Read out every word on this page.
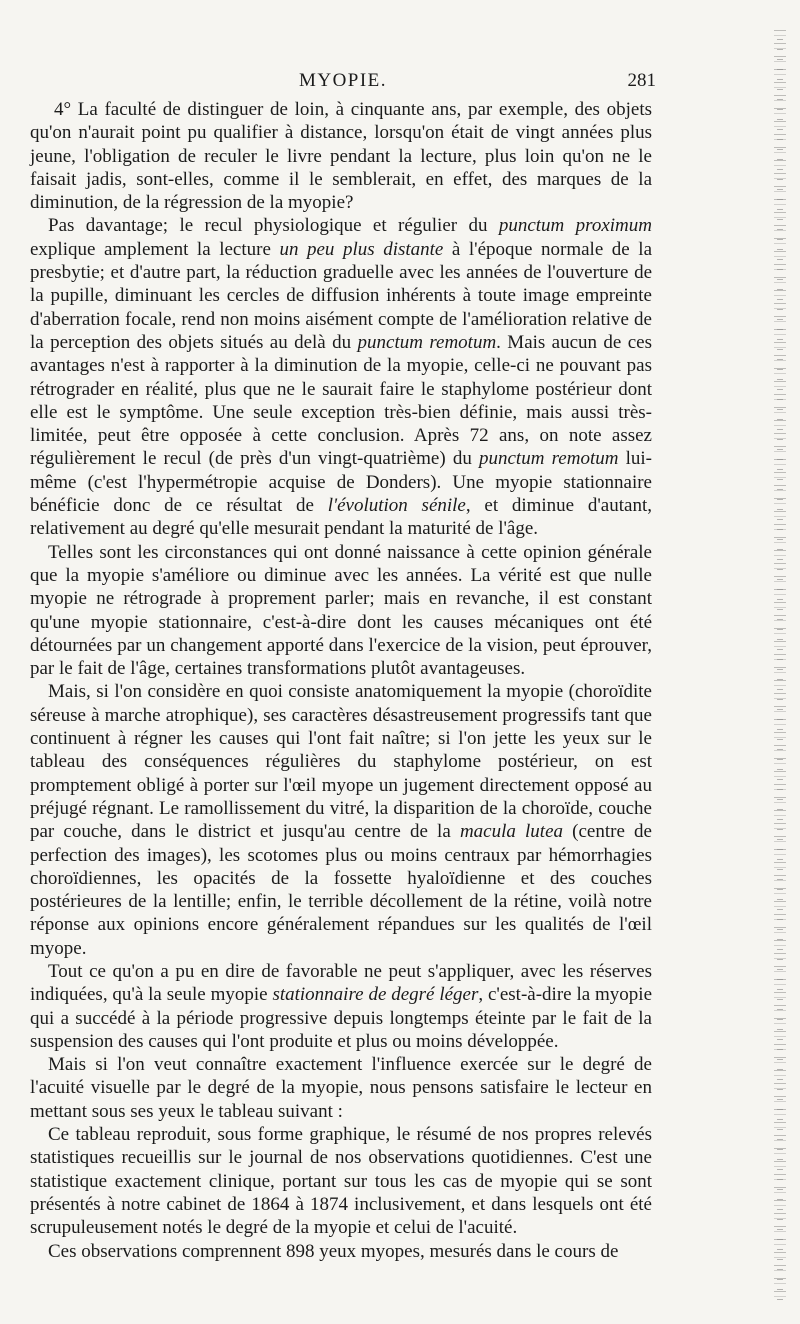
MYOPIE.	281

4° La faculté de distinguer de loin, à cinquante ans, par exemple, des objets qu'on n'aurait point pu qualifier à distance, lorsqu'on était de vingt années plus jeune, l'obligation de reculer le livre pendant la lecture, plus loin qu'on ne le faisait jadis, sont-elles, comme il le semblerait, en effet, des marques de la diminution, de la régression de la myopie?

Pas davantage; le recul physiologique et régulier du punctum proximum explique amplement la lecture un peu plus distante à l'époque normale de la presbytie; et d'autre part, la réduction graduelle avec les années de l'ouverture de la pupille, diminuant les cercles de diffusion inhérents à toute image empreinte d'aberration focale, rend non moins aisément compte de l'amélioration relative de la perception des objets situés au delà du punctum remotum. Mais aucun de ces avantages n'est à rapporter à la diminution de la myopie, celle-ci ne pouvant pas rétrograder en réalité, plus que ne le saurait faire le staphylome postérieur dont elle est le symptôme. Une seule exception très-bien définie, mais aussi très-limitée, peut être opposée à cette conclusion. Après 72 ans, on note assez régulièrement le recul (de près d'un vingt-quatrième) du punctum remotum lui-même (c'est l'hypermétropie acquise de Donders). Une myopie stationnaire bénéficie donc de ce résultat de l'évolution sénile, et diminue d'autant, relativement au degré qu'elle mesurait pendant la maturité de l'âge.

Telles sont les circonstances qui ont donné naissance à cette opinion générale que la myopie s'améliore ou diminue avec les années. La vérité est que nulle myopie ne rétrograde à proprement parler; mais en revanche, il est constant qu'une myopie stationnaire, c'est-à-dire dont les causes mécaniques ont été détournées par un changement apporté dans l'exercice de la vision, peut éprouver, par le fait de l'âge, certaines transformations plutôt avantageuses.

Mais, si l'on considère en quoi consiste anatomiquement la myopie (choroïdite séreuse à marche atrophique), ses caractères désastreusement progressifs tant que continuent à régner les causes qui l'ont fait naître; si l'on jette les yeux sur le tableau des conséquences régulières du staphylome postérieur, on est promptement obligé à porter sur l'œil myope un jugement directement opposé au préjugé régnant. Le ramollissement du vitré, la disparition de la choroïde, couche par couche, dans le district et jusqu'au centre de la macula lutea (centre de perfection des images), les scotomes plus ou moins centraux par hémorrhagies choroïdiennes, les opacités de la fossette hyaloïdienne et des couches postérieures de la lentille; enfin, le terrible décollement de la rétine, voilà notre réponse aux opinions encore généralement répandues sur les qualités de l'œil myope.

Tout ce qu'on a pu en dire de favorable ne peut s'appliquer, avec les réserves indiquées, qu'à la seule myopie stationnaire de degré léger, c'est-à-dire la myopie qui a succédé à la période progressive depuis longtemps éteinte par le fait de la suspension des causes qui l'ont produite et plus ou moins développée.

Mais si l'on veut connaître exactement l'influence exercée sur le degré de l'acuité visuelle par le degré de la myopie, nous pensons satisfaire le lecteur en mettant sous ses yeux le tableau suivant :

Ce tableau reproduit, sous forme graphique, le résumé de nos propres relevés statistiques recueillis sur le journal de nos observations quotidiennes. C'est une statistique exactement clinique, portant sur tous les cas de myopie qui se sont présentés à notre cabinet de 1864 à 1874 inclusivement, et dans lesquels ont été scrupuleusement notés le degré de la myopie et celui de l'acuité.

Ces observations comprennent 898 yeux myopes, mesurés dans le cours de
